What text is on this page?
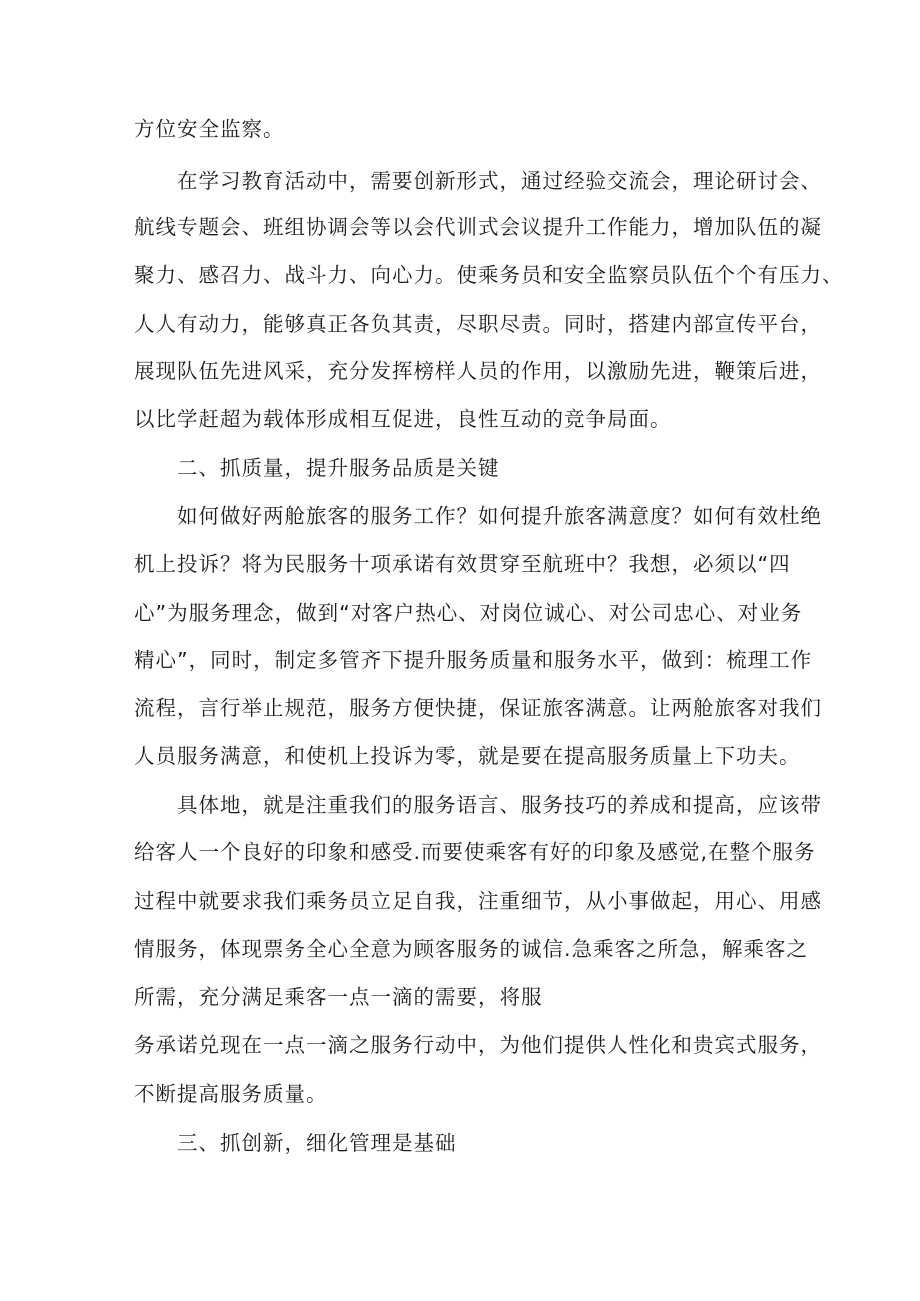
方位安全监察。
在学习教育活动中，需要创新形式，通过经验交流会，理论研讨会、
航线专题会、班组协调会等以会代训式会议提升工作能力，增加队伍的凝
聚力、感召力、战斗力、向心力。使乘务员和安全监察员队伍个个有压力、
人人有动力，能够真正各负其责，尽职尽责。同时，搭建内部宣传平台，
展现队伍先进风采，充分发挥榜样人员的作用，以激励先进，鞭策后进，
以比学赶超为载体形成相互促进，良性互动的竞争局面。
二、抓质量，提升服务品质是关键
如何做好两舱旅客的服务工作？如何提升旅客满意度？如何有效杜绝
机上投诉？将为民服务十项承诺有效贯穿至航班中？我想，必须以“四
心”为服务理念，做到“对客户热心、对岗位诚心、对公司忠心、对业务
精心”，同时，制定多管齐下提升服务质量和服务水平，做到：梳理工作
流程，言行举止规范，服务方便快捷，保证旅客满意。让两舱旅客对我们
人员服务满意，和使机上投诉为零，就是要在提高服务质量上下功夫。
具体地，就是注重我们的服务语言、服务技巧的养成和提高，应该带
给客人一个良好的印象和感受.而要使乘客有好的印象及感觉,在整个服务
过程中就要求我们乘务员立足自我，注重细节，从小事做起，用心、用感
情服务，体现票务全心全意为顾客服务的诚信.急乘客之所急，解乘客之
所需，充分满足乘客一点一滴的需要，将服
务承诺兑现在一点一滴之服务行动中，为他们提供人性化和贵宾式服务，
不断提高服务质量。
三、抓创新，细化管理是基础
